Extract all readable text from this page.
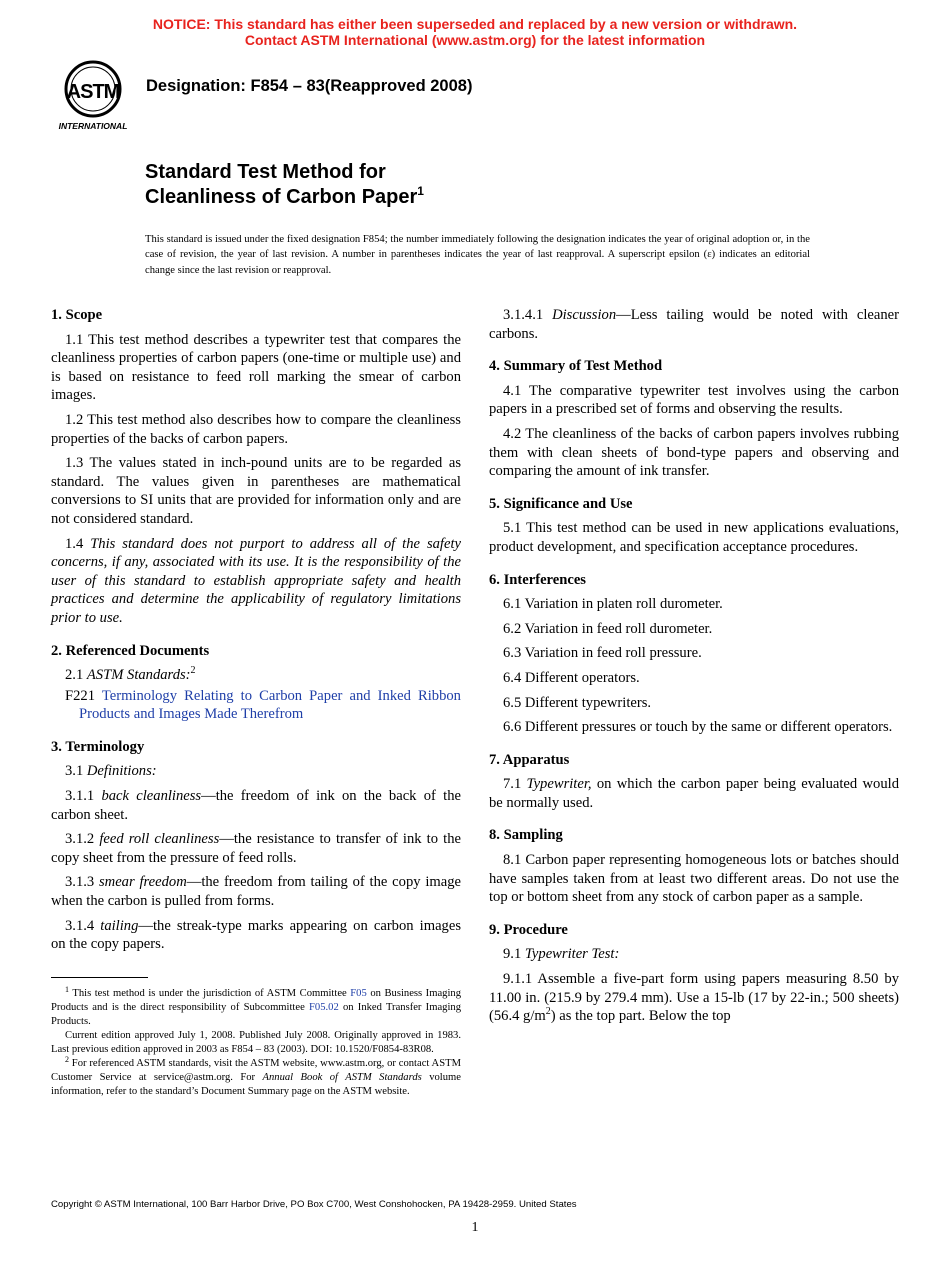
NOTICE: This standard has either been superseded and replaced by a new version or withdrawn.
Contact ASTM International (www.astm.org) for the latest information
ASTM
INTERNATIONAL
Designation: F854 – 83(Reapproved 2008)
Standard Test Method for
Cleanliness of Carbon Paper$^1$
This standard is issued under the fixed designation F854; the number immediately following the designation indicates the year of original adoption or, in the case of revision, the year of last revision. A number in parentheses indicates the year of last reapproval. A superscript epsilon (ε) indicates an editorial change since the last revision or reapproval.
1. Scope

1.1 This test method describes a typewriter test that compares the cleanliness properties of carbon papers (one-time or multiple use) and is based on resistance to feed roll marking the smear of carbon images.

1.2 This test method also describes how to compare the cleanliness properties of the backs of carbon papers.

1.3 The values stated in inch-pound units are to be regarded as standard. The values given in parentheses are mathematical conversions to SI units that are provided for information only and are not considered standard.

1.4 This standard does not purport to address all of the safety concerns, if any, associated with its use. It is the responsibility of the user of this standard to establish appropriate safety and health practices and determine the applicability of regulatory limitations prior to use.

2. Referenced Documents

2.1 ASTM Standards:$^2$

F221 Terminology Relating to Carbon Paper and Inked Ribbon Products and Images Made Therefrom

3. Terminology

3.1 Definitions:

3.1.1 back cleanliness—the freedom of ink on the back of the carbon sheet.

3.1.2 feed roll cleanliness—the resistance to transfer of ink to the copy sheet from the pressure of feed rolls.

3.1.3 smear freedom—the freedom from tailing of the copy image when the carbon is pulled from forms.

3.1.4 tailing—the streak-type marks appearing on carbon images on the copy papers.

3.1.4.1 Discussion—Less tailing would be noted with cleaner carbons.

4. Summary of Test Method

4.1 The comparative typewriter test involves using the carbon papers in a prescribed set of forms and observing the results.

4.2 The cleanliness of the backs of carbon papers involves rubbing them with clean sheets of bond-type papers and observing and comparing the amount of ink transfer.

5. Significance and Use

5.1 This test method can be used in new applications evaluations, product development, and specification acceptance procedures.

6. Interferences

6.1 Variation in platen roll durometer.

6.2 Variation in feed roll durometer.

6.3 Variation in feed roll pressure.

6.4 Different operators.

6.5 Different typewriters.

6.6 Different pressures or touch by the same or different operators.

7. Apparatus

7.1 Typewriter, on which the carbon paper being evaluated would be normally used.

8. Sampling

8.1 Carbon paper representing homogeneous lots or batches should have samples taken from at least two different areas. Do not use the top or bottom sheet from any stock of carbon paper as a sample.

9. Procedure

9.1 Typewriter Test:

9.1.1 Assemble a five-part form using papers measuring 8.50 by 11.00 in. (215.9 by 279.4 mm). Use a 15-lb (17 by 22-in.; 500 sheets) (56.4 $g/m^2$) as the top part. Below the top

$^1$ This test method is under the jurisdiction of ASTM Committee F05 on Business Imaging Products and is the direct responsibility of Subcommittee F05.02 on Inked Transfer Imaging Products.

Current edition approved July 1, 2008. Published July 2008. Originally approved in 1983. Last previous edition approved in 2003 as F854 – 83 (2003). DOI: 10.1520/F0854-83R08.

$^2$ For referenced ASTM standards, visit the ASTM website, www.astm.org, or contact ASTM Customer Service at service@astm.org. For Annual Book of ASTM Standards volume information, refer to the standard’s Document Summary page on the ASTM website.

Copyright © ASTM International, 100 Barr Harbor Drive, PO Box C700, West Conshohocken, PA 19428-2959. United States
1
